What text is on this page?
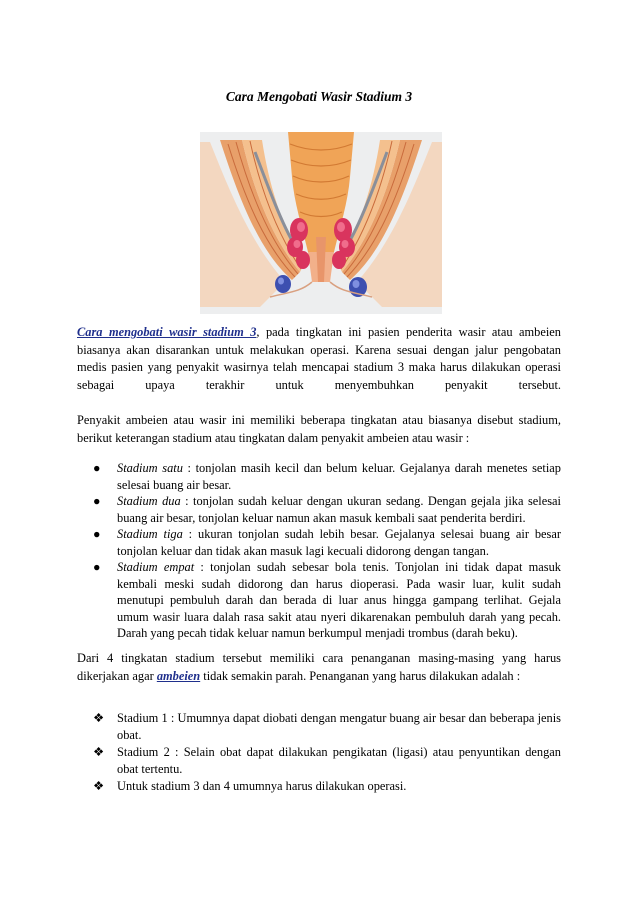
Cara Mengobati Wasir Stadium 3
Cara mengobati wasir stadium 3, pada tingkatan ini pasien penderita wasir atau ambeien
biasanya akan disarankan untuk melakukan operasi. Karena sesuai dengan jalur pengobatan
medis pasien yang penyakit wasirnya telah mencapai stadium 3 maka harus dilakukan operasi
sebagai upaya terakhir untuk menyembuhkan penyakit tersebut.
Penyakit ambeien atau wasir ini memiliki beberapa tingkatan atau biasanya disebut stadium,
berikut keterangan stadium atau tingkatan dalam penyakit ambeien atau wasir :
● Stadium satu : tonjolan masih kecil dan belum keluar. Gejalanya darah menetes setiap selesai buang air besar.
● Stadium dua : tonjolan sudah keluar dengan ukuran sedang. Dengan gejala jika selesai buang air besar, tonjolan keluar namun akan masuk kembali saat penderita berdiri.
● Stadium tiga : ukuran tonjolan sudah lebih besar. Gejalanya selesai buang air besar tonjolan keluar dan tidak akan masuk lagi kecuali didorong dengan tangan.
● Stadium empat : tonjolan sudah sebesar bola tenis. Tonjolan ini tidak dapat masuk kembali meski sudah didorong dan harus dioperasi. Pada wasir luar, kulit sudah menutupi pembuluh darah dan berada di luar anus hingga gampang terlihat. Gejala umum wasir luara dalah rasa sakit atau nyeri dikarenakan pembuluh darah yang pecah. Darah yang pecah tidak keluar namun berkumpul menjadi trombus (darah beku).
Dari 4 tingkatan stadium tersebut memiliki cara penanganan masing-masing yang harus
dikerjakan agar ambeien tidak semakin parah. Penanganan yang harus dilakukan adalah :
❖ Stadium 1 : Umumnya dapat diobati dengan mengatur buang air besar dan beberapa jenis obat.
❖ Stadium 2 : Selain obat dapat dilakukan pengikatan (ligasi) atau penyuntikan dengan obat tertentu.
❖ Untuk stadium 3 dan 4 umumnya harus dilakukan operasi.
